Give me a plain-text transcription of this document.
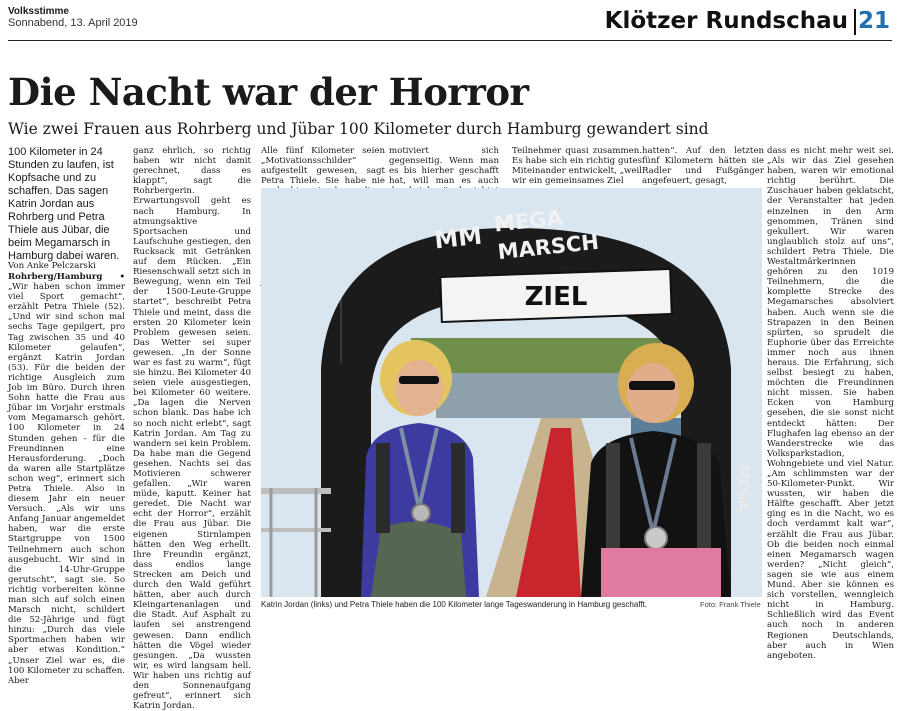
Volksstimme
Sonnabend, 13. April 2019	Klötzer Rundschau 21
Die Nacht war der Horror
Wie zwei Frauen aus Rohrberg und Jübar 100 Kilometer durch Hamburg gewandert sind
100 Kilometer in 24 Stunden zu laufen, ist Kopfsache und zu schaffen. Das sagen Katrin Jordan aus Rohrberg und Petra Thiele aus Jübar, die beim Megamarsch in Hamburg dabei waren.
Von Anke Pelczarski
Rohrberg/Hamburg • „Wir haben schon immer viel Sport gemacht“, erzählt Petra Thiele (52). „Und wir sind schon mal sechs Tage gepilgert, pro Tag zwischen 35 und 40 Kilometer gelaufen“, ergänzt Katrin Jordan (53). Für die beiden der richtige Ausgleich zum Job im Büro. Durch ihren Sohn hatte die Frau aus Jübar im Vorjahr erstmals vom Megamarsch gehört. 100 Kilometer in 24 Stunden gehen - für die Freundinnen eine Herausforderung. „Doch da waren alle Startplätze schon weg“, erinnert sich Petra Thiele. Also in diesem Jahr ein neuer Versuch. „Als wir uns Anfang Januar angemeldet haben, war die erste Startgruppe von 1500 Teilnehmern auch schon ausgebucht. Wir sind in die 14-Uhr-Gruppe gerutscht“, sagt sie. So richtig vorbereiten könne man sich auf solch einen Marsch nicht, schildert die 52-Jährige und fügt hinzu: „Durch das viele Sportmachen haben wir aber etwas Kondition.“ „Unser Ziel war es, die 100 Kilometer zu schaffen. Aber
ganz ehrlich, so richtig haben wir nicht damit gerechnet, dass es klappt“, sagt die Rohrbergerin. Erwartungsvoll geht es nach Hamburg. In atmungsaktive Sportsachen und Laufschuhe gestiegen, den Rucksack mit Getränken auf dem Rücken. „Ein Riesenschwall setzt sich in Bewegung, wenn ein Teil der 1500-Leute-Gruppe startet“, beschreibt Petra Thiele und meint, dass die ersten 20 Kilometer kein Problem gewesen seien. Das Wetter sei super gewesen. „In der Sonne war es fast zu warm“, fügt sie hinzu. Bei Kilometer 40 seien viele ausgestiegen, bei Kilometer 60 weitere. „Da lagen die Nerven schon blank. Das habe ich so noch nicht erlebt“, sagt Katrin Jordan. Am Tag zu wandern sei kein Problem. Da habe man die Gegend gesehen. Nachts sei das Motivieren schwerer gefallen. „Wir waren müde, kaputt. Keiner hat geredet. Die Nacht war echt der Horror“, erzählt die Frau aus Jübar. Die eigenen Stirnlampen hätten den Weg erhellt. Ihre Freundin ergänzt, dass endlos lange Strecken am Deich und durch den Wald geführt hätten, aber auch durch Kleingartenanlagen und die Stadt. Auf Asphalt zu laufen sei anstrengend gewesen. Dann endlich hätten die Vögel wieder gesungen. „Da wussten wir, es wird langsam hell. Wir haben uns richtig auf den Sonnenaufgang gefreut“, erinnert sich Katrin Jordan.
Alle fünf Kilometer seien „Motivationsschilder“ aufgestellt gewesen, sagt Petra Thiele. Sie habe nie
motiviert sich gegenseitig. Wenn man es bis hierher geschafft hat, will man es auch
Teilnehmer quasi zusammen. Es habe sich ein richtig gutes Miteinander entwickelt, „weil wir ein gemeinsames Ziel
hatten“. Auf den letzten fünf Kilometern hätten sie Radler und Fußgänger angefeuert, gesagt,
dass es nicht mehr weit sei. „Als wir das Ziel gesehen haben, waren wir emotional richtig berührt. Die Zuschauer haben geklatscht, der Veranstalter hat jeden einzelnen in den Arm genommen, Tränen sind gekullert. Wir waren unglaublich stolz auf uns“, schildert Petra Thiele. Die Westaltmärkerinnen gehören zu den 1019 Teilnehmern, die die komplette Strecke des Megamarsches absolviert haben. Auch wenn sie die Strapazen in den Beinen spürten, so sprudelt die Euphorie über das Erreichte immer noch aus ihnen heraus. Die Erfahrung, sich selbst besiegt zu haben, möchten die Freundinnen nicht missen. Sie haben Ecken von Hamburg gesehen, die sie sonst nicht entdeckt hätten: Der Flughafen lag ebenso an der Wanderstrecke wie das Volksparkstadion, Wohngebiete und viel Natur. „Am schlimmsten war der 50-Kilometer-Punkt. Wir wussten, wir haben die Hälfte geschafft. Aber jetzt ging es in die Nacht, wo es doch verdammt kalt war“, erzählt die Frau aus Jübar. Ob die beiden noch einmal einen Megamarsch wagen werden? „Nicht gleich“, sagen sie wie aus einem Mund. Aber sie können es sich vorstellen, wenngleich nicht in Hamburg. Schließlich wird das Event auch noch in anderen Regionen Deutschlands, aber auch in Wien angeboten.
ZIEL
MEGA
MARSCH
MM
MEGA
Katrin Jordan (links) und Petra Thiele haben die 100 Kilometer lange Tageswanderung in Hamburg geschafft.	Foto: Frank Thiele
